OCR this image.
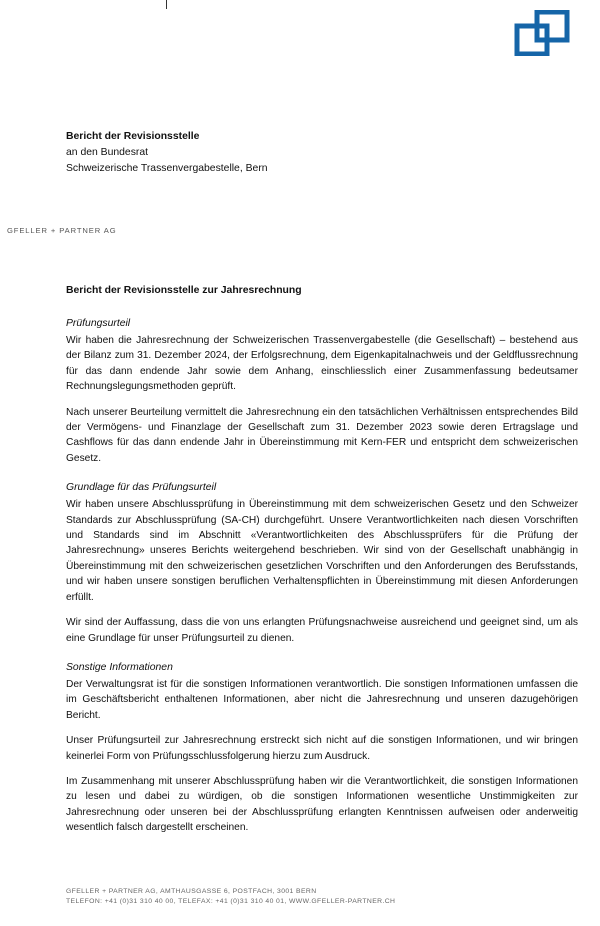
Bericht der Revisionsstelle
an den Bundesrat
Schweizerische Trassenvergabestelle, Bern
GFELLER + PARTNER AG
Bericht der Revisionsstelle zur Jahresrechnung
Prüfungsurteil

Wir haben die Jahresrechnung der Schweizerischen Trassenvergabestelle (die Gesellschaft) – bestehend aus der Bilanz zum 31. Dezember 2024, der Erfolgsrechnung, dem Eigenkapitalnachweis und der Geldflussrechnung für das dann endende Jahr sowie dem Anhang, einschliesslich einer Zusammenfassung bedeutsamer Rechnungslegungsmethoden geprüft.

Nach unserer Beurteilung vermittelt die Jahresrechnung ein den tatsächlichen Verhältnissen entsprechendes Bild der Vermögens- und Finanzlage der Gesellschaft zum 31. Dezember 2023 sowie deren Ertragslage und Cashflows für das dann endende Jahr in Übereinstimmung mit Kern-FER und entspricht dem schweizerischen Gesetz.

Grundlage für das Prüfungsurteil

Wir haben unsere Abschlussprüfung in Übereinstimmung mit dem schweizerischen Gesetz und den Schweizer Standards zur Abschlussprüfung (SA-CH) durchgeführt. Unsere Verantwortlichkeiten nach diesen Vorschriften und Standards sind im Abschnitt «Verantwortlichkeiten des Abschlussprüfers für die Prüfung der Jahresrechnung» unseres Berichts weitergehend beschrieben. Wir sind von der Gesellschaft unabhängig in Übereinstimmung mit den schweizerischen gesetzlichen Vorschriften und den Anforderungen des Berufsstands, und wir haben unsere sonstigen beruflichen Verhaltenspflichten in Übereinstimmung mit diesen Anforderungen erfüllt.

Wir sind der Auffassung, dass die von uns erlangten Prüfungsnachweise ausreichend und geeignet sind, um als eine Grundlage für unser Prüfungsurteil zu dienen.

Sonstige Informationen

Der Verwaltungsrat ist für die sonstigen Informationen verantwortlich. Die sonstigen Informationen umfassen die im Geschäftsbericht enthaltenen Informationen, aber nicht die Jahresrechnung und unseren dazugehörigen Bericht.

Unser Prüfungsurteil zur Jahresrechnung erstreckt sich nicht auf die sonstigen Informationen, und wir bringen keinerlei Form von Prüfungsschlussfolgerung hierzu zum Ausdruck.

Im Zusammenhang mit unserer Abschlussprüfung haben wir die Verantwortlichkeit, die sonstigen Informationen zu lesen und dabei zu würdigen, ob die sonstigen Informationen wesentliche Unstimmigkeiten zur Jahresrechnung oder unseren bei der Abschlussprüfung erlangten Kenntnissen aufweisen oder anderweitig wesentlich falsch dargestellt erscheinen.

GFELLER + PARTNER AG, AMTHAUSGASSE 6, POSTFACH, 3001 BERN
TELEFON: +41 (0)31 310 40 00, TELEFAX: +41 (0)31 310 40 01, WWW.GFELLER-PARTNER.CH
